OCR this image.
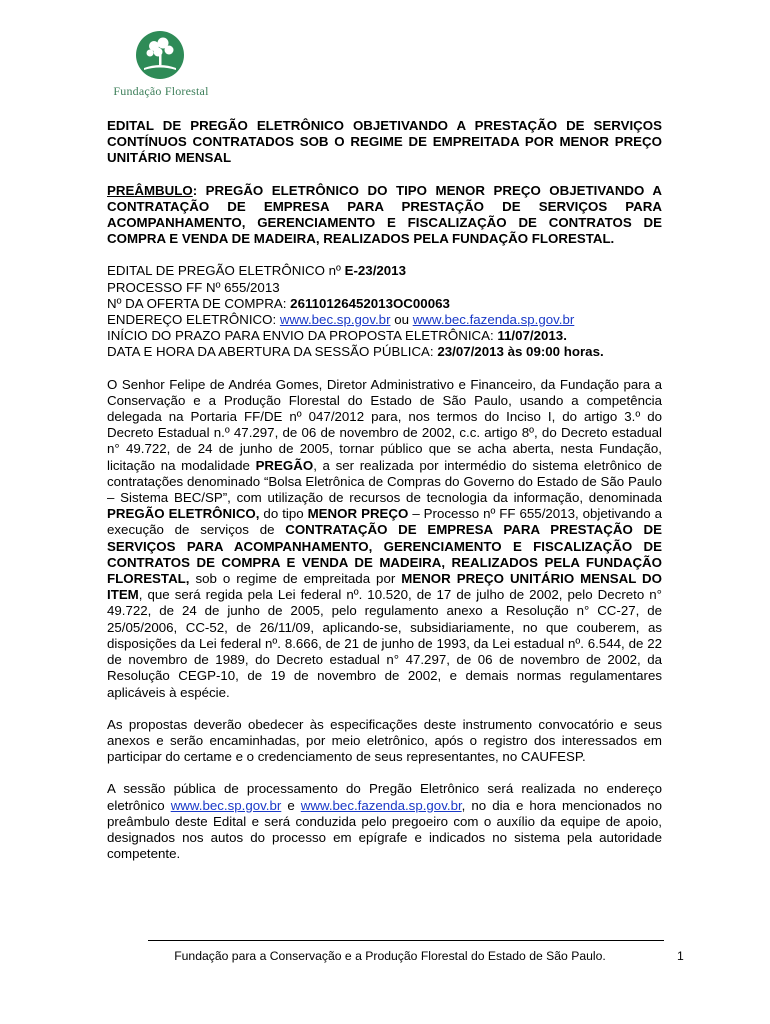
Fundação Florestal

EDITAL DE PREGÃO ELETRÔNICO OBJETIVANDO A PRESTAÇÃO DE SERVIÇOS CONTÍNUOS CONTRATADOS SOB O REGIME DE EMPREITADA POR MENOR PREÇO UNITÁRIO MENSAL

PREÂMBULO: PREGÃO ELETRÔNICO DO TIPO MENOR PREÇO OBJETIVANDO A CONTRATAÇÃO DE EMPRESA PARA PRESTAÇÃO DE SERVIÇOS PARA ACOMPANHAMENTO, GERENCIAMENTO E FISCALIZAÇÃO DE CONTRATOS DE COMPRA E VENDA DE MADEIRA, REALIZADOS PELA FUNDAÇÃO FLORESTAL.

EDITAL DE PREGÃO ELETRÔNICO nº E-23/2013
PROCESSO FF Nº 655/2013
Nº DA OFERTA DE COMPRA: 26110126452013OC00063
ENDEREÇO ELETRÔNICO: www.bec.sp.gov.br ou www.bec.fazenda.sp.gov.br
INÍCIO DO PRAZO PARA ENVIO DA PROPOSTA ELETRÔNICA: 11/07/2013.
DATA E HORA DA ABERTURA DA SESSÃO PÚBLICA: 23/07/2013 às 09:00 horas.

O Senhor Felipe de Andréa Gomes, Diretor Administrativo e Financeiro, da Fundação para a Conservação e a Produção Florestal do Estado de São Paulo, usando a competência delegada na Portaria FF/DE nº 047/2012 para, nos termos do Inciso I, do artigo 3.º do Decreto Estadual n.º 47.297, de 06 de novembro de 2002, c.c. artigo 8º, do Decreto estadual n° 49.722, de 24 de junho de 2005, tornar público que se acha aberta, nesta Fundação, licitação na modalidade PREGÃO, a ser realizada por intermédio do sistema eletrônico de contratações denominado “Bolsa Eletrônica de Compras do Governo do Estado de São Paulo – Sistema BEC/SP”, com utilização de recursos de tecnologia da informação, denominada PREGÃO ELETRÔNICO, do tipo MENOR PREÇO – Processo nº FF 655/2013, objetivando a execução de serviços de CONTRATAÇÃO DE EMPRESA PARA PRESTAÇÃO DE SERVIÇOS PARA ACOMPANHAMENTO, GERENCIAMENTO E FISCALIZAÇÃO DE CONTRATOS DE COMPRA E VENDA DE MADEIRA, REALIZADOS PELA FUNDAÇÃO FLORESTAL, sob o regime de empreitada por MENOR PREÇO UNITÁRIO MENSAL DO ITEM, que será regida pela Lei federal nº. 10.520, de 17 de julho de 2002, pelo Decreto n° 49.722, de 24 de junho de 2005, pelo regulamento anexo a Resolução n° CC-27, de 25/05/2006, CC-52, de 26/11/09, aplicando-se, subsidiariamente, no que couberem, as disposições da Lei federal nº. 8.666, de 21 de junho de 1993, da Lei estadual nº. 6.544, de 22 de novembro de 1989, do Decreto estadual n° 47.297, de 06 de novembro de 2002, da Resolução CEGP-10, de 19 de novembro de 2002, e demais normas regulamentares aplicáveis à espécie.

As propostas deverão obedecer às especificações deste instrumento convocatório e seus anexos e serão encaminhadas, por meio eletrônico, após o registro dos interessados em participar do certame e o credenciamento de seus representantes, no CAUFESP.

A sessão pública de processamento do Pregão Eletrônico será realizada no endereço eletrônico www.bec.sp.gov.br e www.bec.fazenda.sp.gov.br, no dia e hora mencionados no preâmbulo deste Edital e será conduzida pelo pregoeiro com o auxílio da equipe de apoio, designados nos autos do processo em epígrafe e indicados no sistema pela autoridade competente.

Fundação para a Conservação e a Produção Florestal do Estado de São Paulo.	1
